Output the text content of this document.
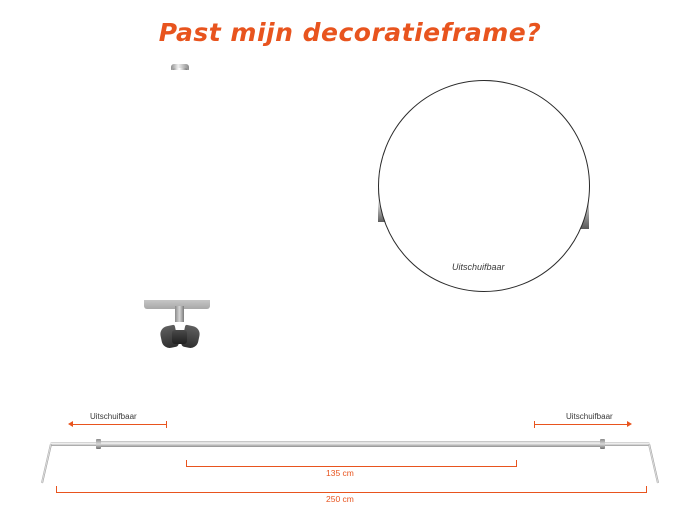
Past mijn decoratieframe?
Uitschuifbaar
Uitschuifbaar	Uitschuifbaar
135 cm
250 cm
